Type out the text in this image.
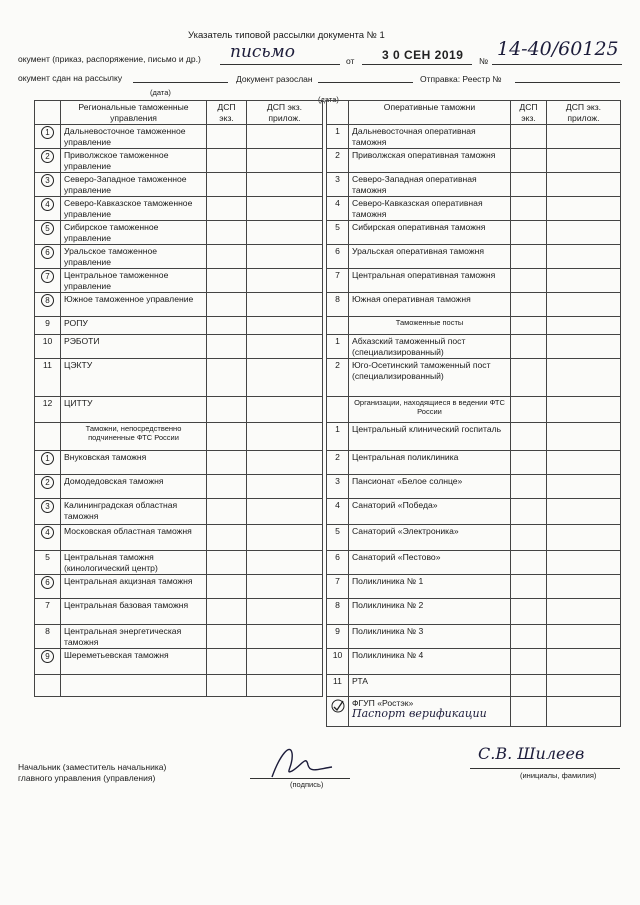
Указатель типовой рассылки документа № 1
окумент (приказ, распоряжение, письмо и др.) письмо	от 3 0 СЕН 2019 №
14-40/60125
окумент сдан на рассылку	Документ разослан	Отправка: Реестр №
(дата)
(дата)
	Региональные таможенные управления	ДСП экз.	ДСП экз. прилож.
1	Дальневосточное таможенное управление		
2	Приволжское таможенное управление		
3	Северо-Западное таможенное управление		
4	Северо-Кавказское таможенное управление		
5	Сибирское таможенное управление		
6	Уральское таможенное управление		
7	Центральное таможенное управление		
8	Южное таможенное управление		
9	РОПУ		
10	РЭБОТИ		
11	ЦЭКТУ		
12	ЦИТТУ		
	Таможни, непосредственно подчиненные ФТС России		
1	Внуковская таможня		
2	Домодедовская таможня		
3	Калининградская областная таможня		
4	Московская областная таможня		
5	Центральная таможня (кинологический центр)		
6	Центральная акцизная таможня		
7	Центральная базовая таможня		
8	Центральная энергетическая таможня		
9	Шереметьевская таможня		

	Оперативные таможни	ДСП экз.	ДСП экз. прилож.
1	Дальневосточная оперативная таможня		
2	Приволжская оперативная таможня		
3	Северо-Западная оперативная таможня		
4	Северо-Кавказская оперативная таможня		
5	Сибирская оперативная таможня		
6	Уральская оперативная таможня		
7	Центральная оперативная таможня		
8	Южная оперативная таможня		
	Таможенные посты		
1	Абхазский таможенный пост (специализированный)		
2	Юго-Осетинский таможенный пост (специализированный)		
	Организации, находящиеся в ведении ФТС России		
1	Центральный клинический госпиталь		
2	Центральная поликлиника		
3	Пансионат «Белое солнце»		
4	Санаторий «Победа»		
5	Санаторий «Электроника»		
6	Санаторий «Пестово»		
7	Поликлиника № 1		
8	Поликлиника № 2		
9	Поликлиника № 3		
10	Поликлиника № 4		
11	РТА		

ФГУП «Ростэк»
Паспорт верификации		

Начальник (заместитель начальника)
главного управления (управления)
(подпись)
С.В. Шилеев
(инициалы, фамилия)
